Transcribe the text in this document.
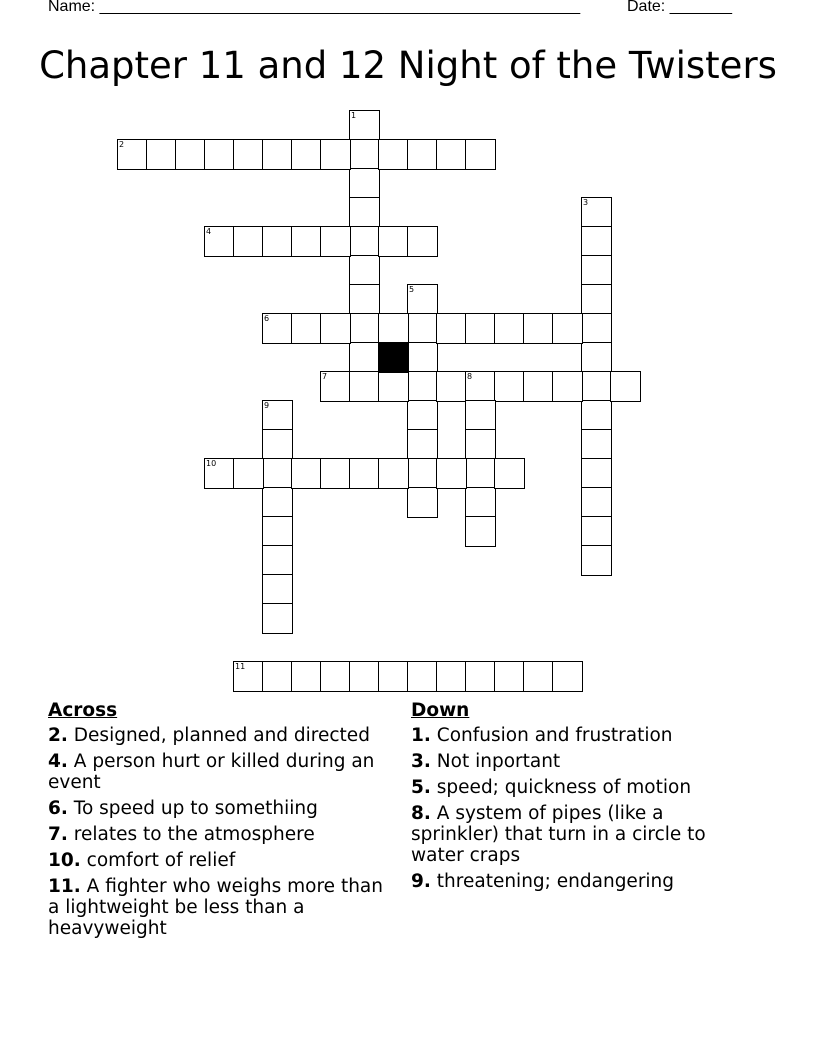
Name: ______________________________________________________	Date: _______
Chapter 11 and 12 Night of the Twisters
1
2
3
4
5
6
7	8
9
10
11
Across
2. Designed, planned and directed
4. A person hurt or killed during an event
6. To speed up to somethiing
7. relates to the atmosphere
10. comfort of relief
11. A fighter who weighs more than a lightweight be less than a heavyweight
Down
1. Confusion and frustration
3. Not inportant
5. speed; quickness of motion
8. A system of pipes (like a sprinkler) that turn in a circle to water craps
9. threatening; endangering
